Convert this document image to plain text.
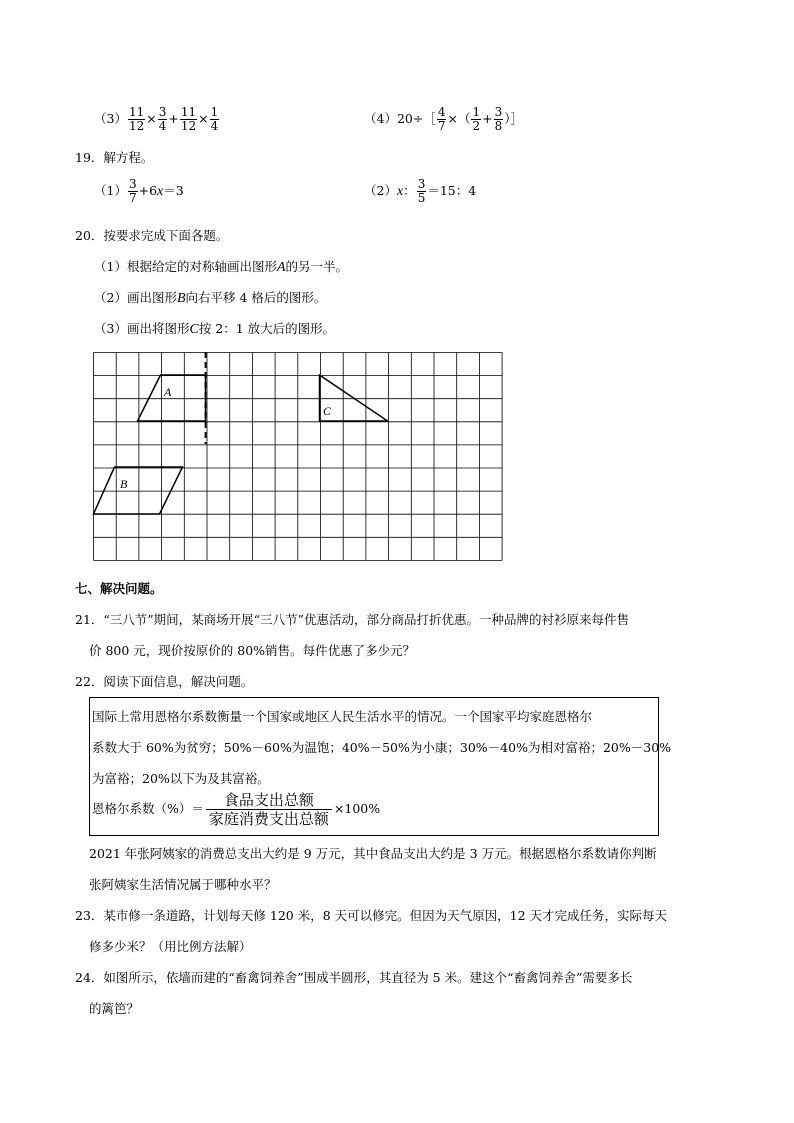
$(3) \frac{11}{12} \times \frac{3}{4} + \frac{11}{12} \times \frac{1}{4}$	（4）20÷［ $\frac{4}{7}$ ×（ $\frac{1}{2} + \frac{3}{8}$ ）］
19．解方程。
$(1) \frac{3}{7} +6x=3$	（2）x： $\frac{3}{5} =15$：4
20．按要求完成下面各题。
（1）根据给定的对称轴画出图形A的另一半。
（2）画出图形B向右平移 4 格后的图形。
（3）画出将图形C按 2：1 放大后的图形。
A
C
B
七、解决问题。
21．“三八节”期间，某商场开展“三八节”优惠活动，部分商品打折优惠。一种品牌的衬衫原来每件售
价 800 元，现价按原价的 80%销售。每件优惠了多少元？
22．阅读下面信息，解决问题。
国际上常用恩格尔系数衡量一个国家或地区人民生活水平的情况。一个国家平均家庭恩格尔
系数大于 60%为贫穷；50%－60%为温饱；40%－50%为小康；30%－40%为相对富裕；20%－30%
为富裕；20%以下为及其富裕。
恩格尔系数（%）＝ $\frac{\text{食品支出总额}}{\text{家庭消费支出总额}} \times 100\%$
2021 年张阿姨家的消费总支出大约是 9 万元，其中食品支出大约是 3 万元。根据恩格尔系数请你判断
张阿姨家生活情况属于哪种水平？
23．某市修一条道路，计划每天修 120 米，8 天可以修完。但因为天气原因，12 天才完成任务，实际每天
修多少米？（用比例方法解）
24．如图所示，依墙而建的“畜禽饲养舍”围成半圆形，其直径为 5 米。建这个“畜禽饲养舍”需要多长
的篱笆？
